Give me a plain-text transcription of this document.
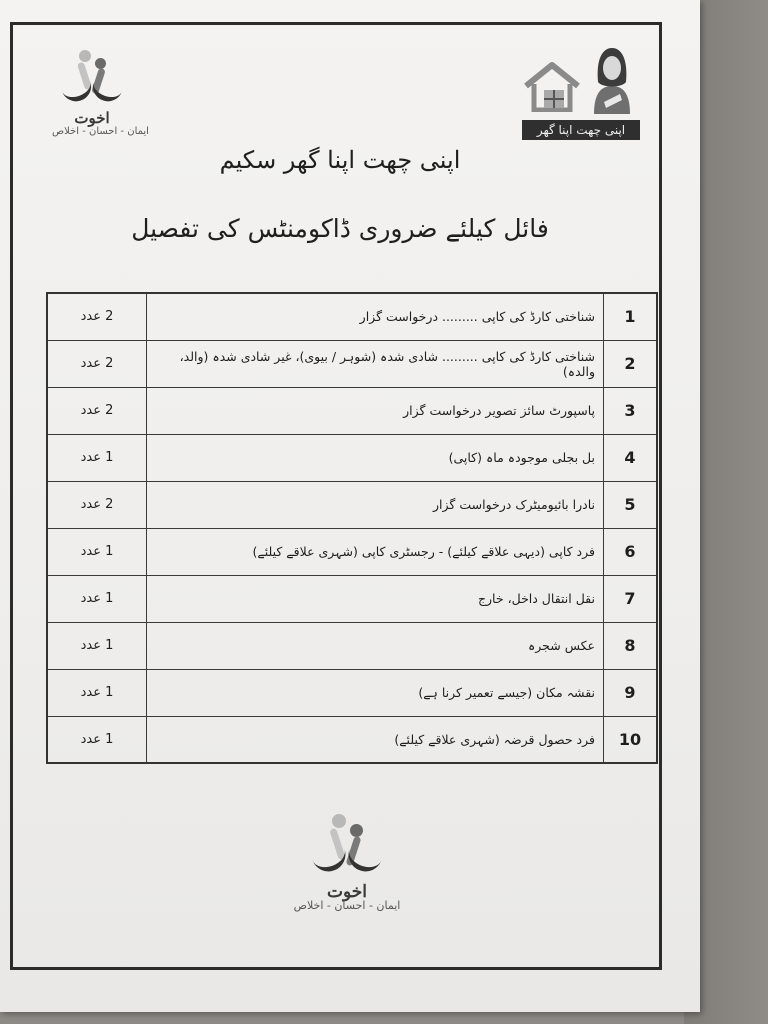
اخوت
ایمان - احسان - اخلاص	اپنی چھت اپنا گھر
اپنی چھت اپنا گھر سکیم
فائل کیلئے ضروری ڈاکومنٹس کی تفصیل
1	شناختی کارڈ کی کاپی ......... درخواست گزار	2 عدد
2	شناختی کارڈ کی کاپی ......... شادی شدہ (شوہر / بیوی)، غیر شادی شدہ (والد، والدہ)	2 عدد
3	پاسپورٹ سائز تصویر درخواست گزار	2 عدد
4	بل بجلی موجودہ ماہ (کاپی)	1 عدد
5	نادرا بائیومیٹرک درخواست گزار	2 عدد
6	فرد کاپی (دیہی علاقے کیلئے) - رجسٹری کاپی (شہری علاقے کیلئے)	1 عدد
7	نقل انتقال داخل، خارج	1 عدد
8	عکس شجرہ	1 عدد
9	نقشہ مکان (جیسے تعمیر کرنا ہے)	1 عدد
10	فرد حصول قرضہ (شہری علاقے کیلئے)	1 عدد
اخوت
ایمان - احسان - اخلاص
